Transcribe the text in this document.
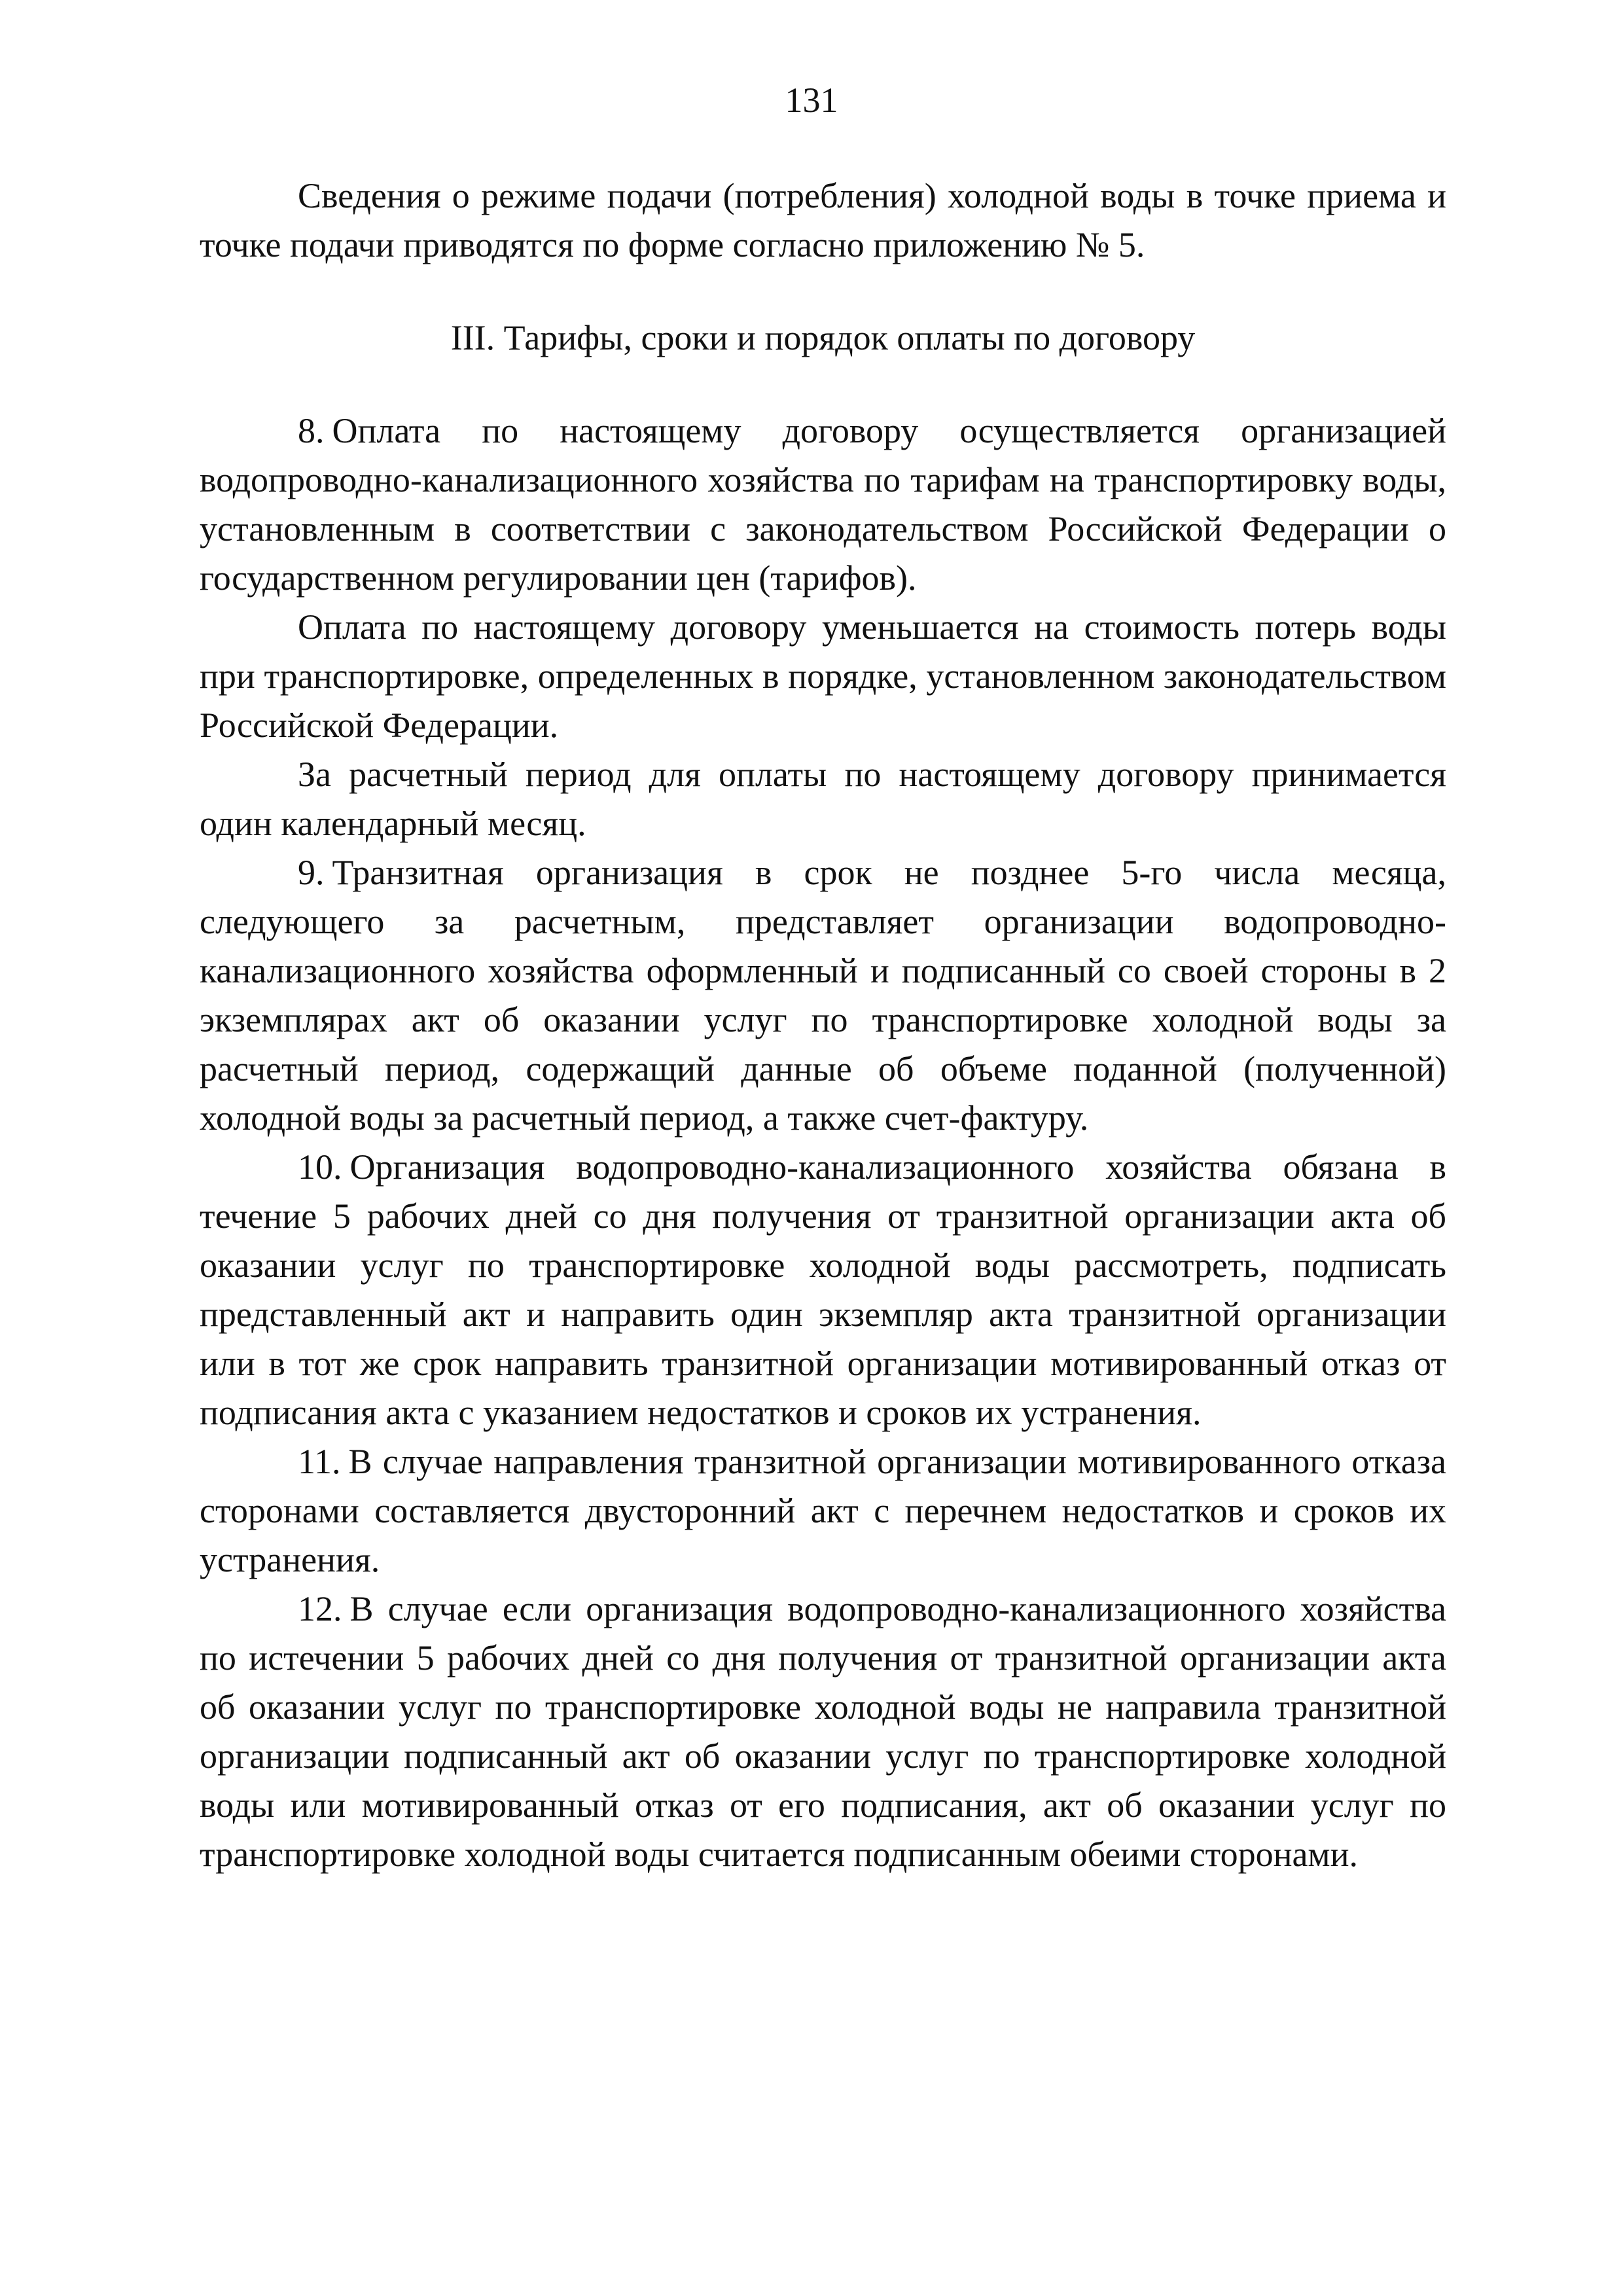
131

Сведения о режиме подачи (потребления) холодной воды в точке приема и точке подачи приводятся по форме согласно приложению № 5.

III. Тарифы, сроки и порядок оплаты по договору

8. Оплата по настоящему договору осуществляется организацией водопроводно-канализационного хозяйства по тарифам на транспортировку воды, установленным в соответствии с законодательством Российской Федерации о государственном регулировании цен (тарифов).

Оплата по настоящему договору уменьшается на стоимость потерь воды при транспортировке, определенных в порядке, установленном законодательством Российской Федерации.

За расчетный период для оплаты по настоящему договору принимается один календарный месяц.

9. Транзитная организация в срок не позднее 5-го числа месяца, следующего за расчетным, представляет организации водопроводно-канализационного хозяйства оформленный и подписанный со своей стороны в 2 экземплярах акт об оказании услуг по транспортировке холодной воды за расчетный период, содержащий данные об объеме поданной (полученной) холодной воды за расчетный период, а также счет-фактуру.

10. Организация водопроводно-канализационного хозяйства обязана в течение 5 рабочих дней со дня получения от транзитной организации акта об оказании услуг по транспортировке холодной воды рассмотреть, подписать представленный акт и направить один экземпляр акта транзитной организации или в тот же срок направить транзитной организации мотивированный отказ от подписания акта с указанием недостатков и сроков их устранения.

11. В случае направления транзитной организации мотивированного отказа сторонами составляется двусторонний акт с перечнем недостатков и сроков их устранения.

12. В случае если организация водопроводно-канализационного хозяйства по истечении 5 рабочих дней со дня получения от транзитной организации акта об оказании услуг по транспортировке холодной воды не направила транзитной организации подписанный акт об оказании услуг по транспортировке холодной воды или мотивированный отказ от его подписания, акт об оказании услуг по транспортировке холодной воды считается подписанным обеими сторонами.
